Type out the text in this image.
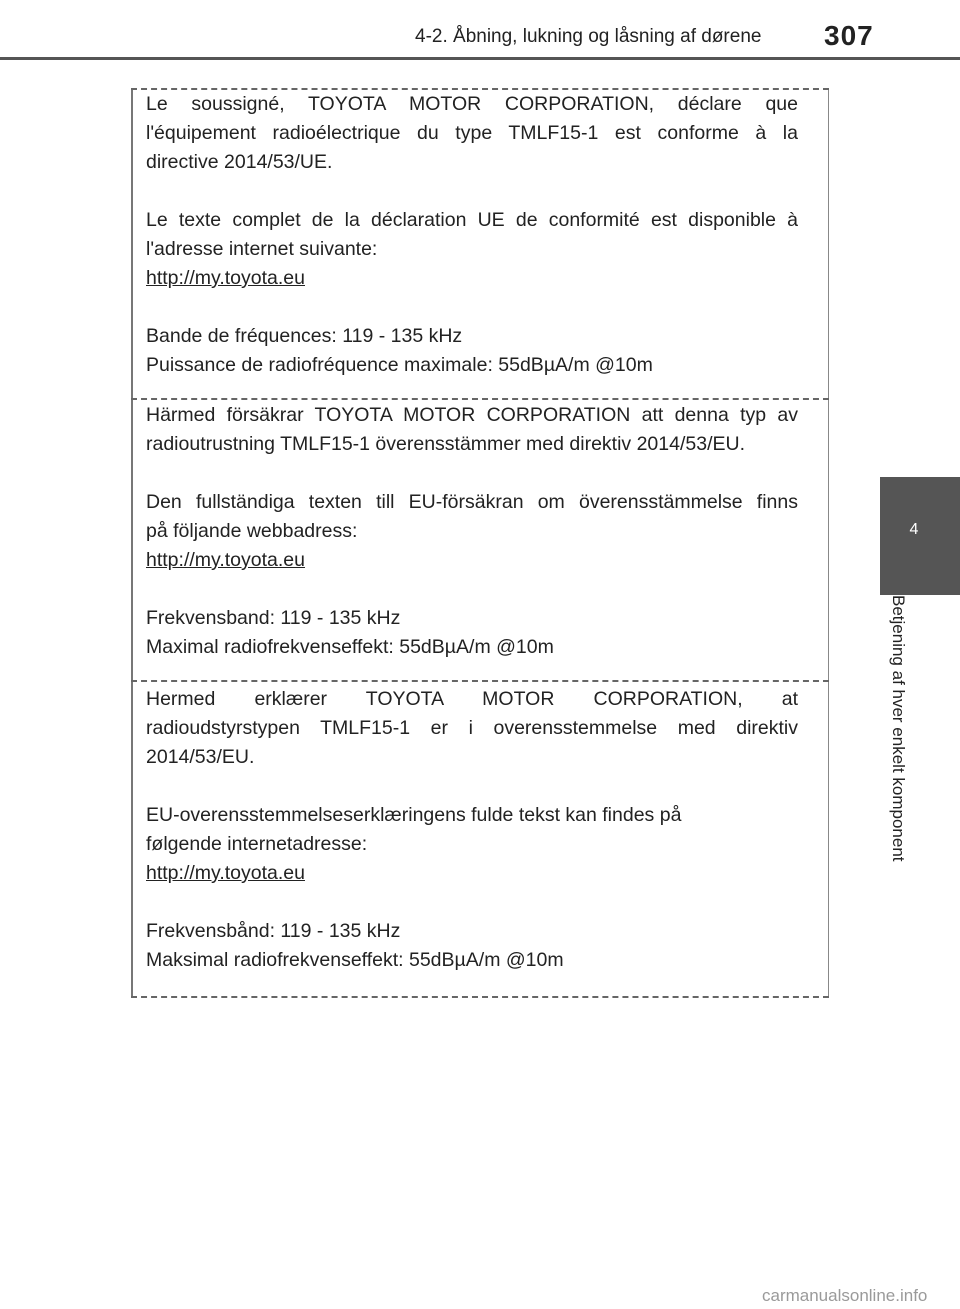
4-2. Åbning, lukning og låsning af dørene	307
4
Betjening af hver enkelt komponent

Le soussigné, TOYOTA MOTOR CORPORATION, déclare que

l'équipement radioélectrique du type TMLF15-1 est conforme à la

directive 2014/53/UE.

Le texte complet de la déclaration UE de conformité est disponible à

l'adresse internet suivante:

http://my.toyota.eu

Bande de fréquences: 119 - 135 kHz

Puissance de radiofréquence maximale: 55dBµA/m @10m

Härmed försäkrar TOYOTA MOTOR CORPORATION att denna typ av

radioutrustning TMLF15-1 överensstämmer med direktiv 2014/53/EU.

Den fullständiga texten till EU-försäkran om överensstämmelse finns

på följande webbadress:

http://my.toyota.eu

Frekvensband: 119 - 135 kHz

Maximal radiofrekvenseffekt: 55dBµA/m @10m

Hermed erklærer TOYOTA MOTOR CORPORATION, at

radioudstyrstypen TMLF15-1 er i overensstemmelse med direktiv

2014/53/EU.

EU-overensstemmelseserklæringens fulde tekst kan findes på

følgende internetadresse:

http://my.toyota.eu

Frekvensbånd: 119 - 135 kHz

Maksimal radiofrekvenseffekt: 55dBµA/m @10m

carmanualsonline.info
